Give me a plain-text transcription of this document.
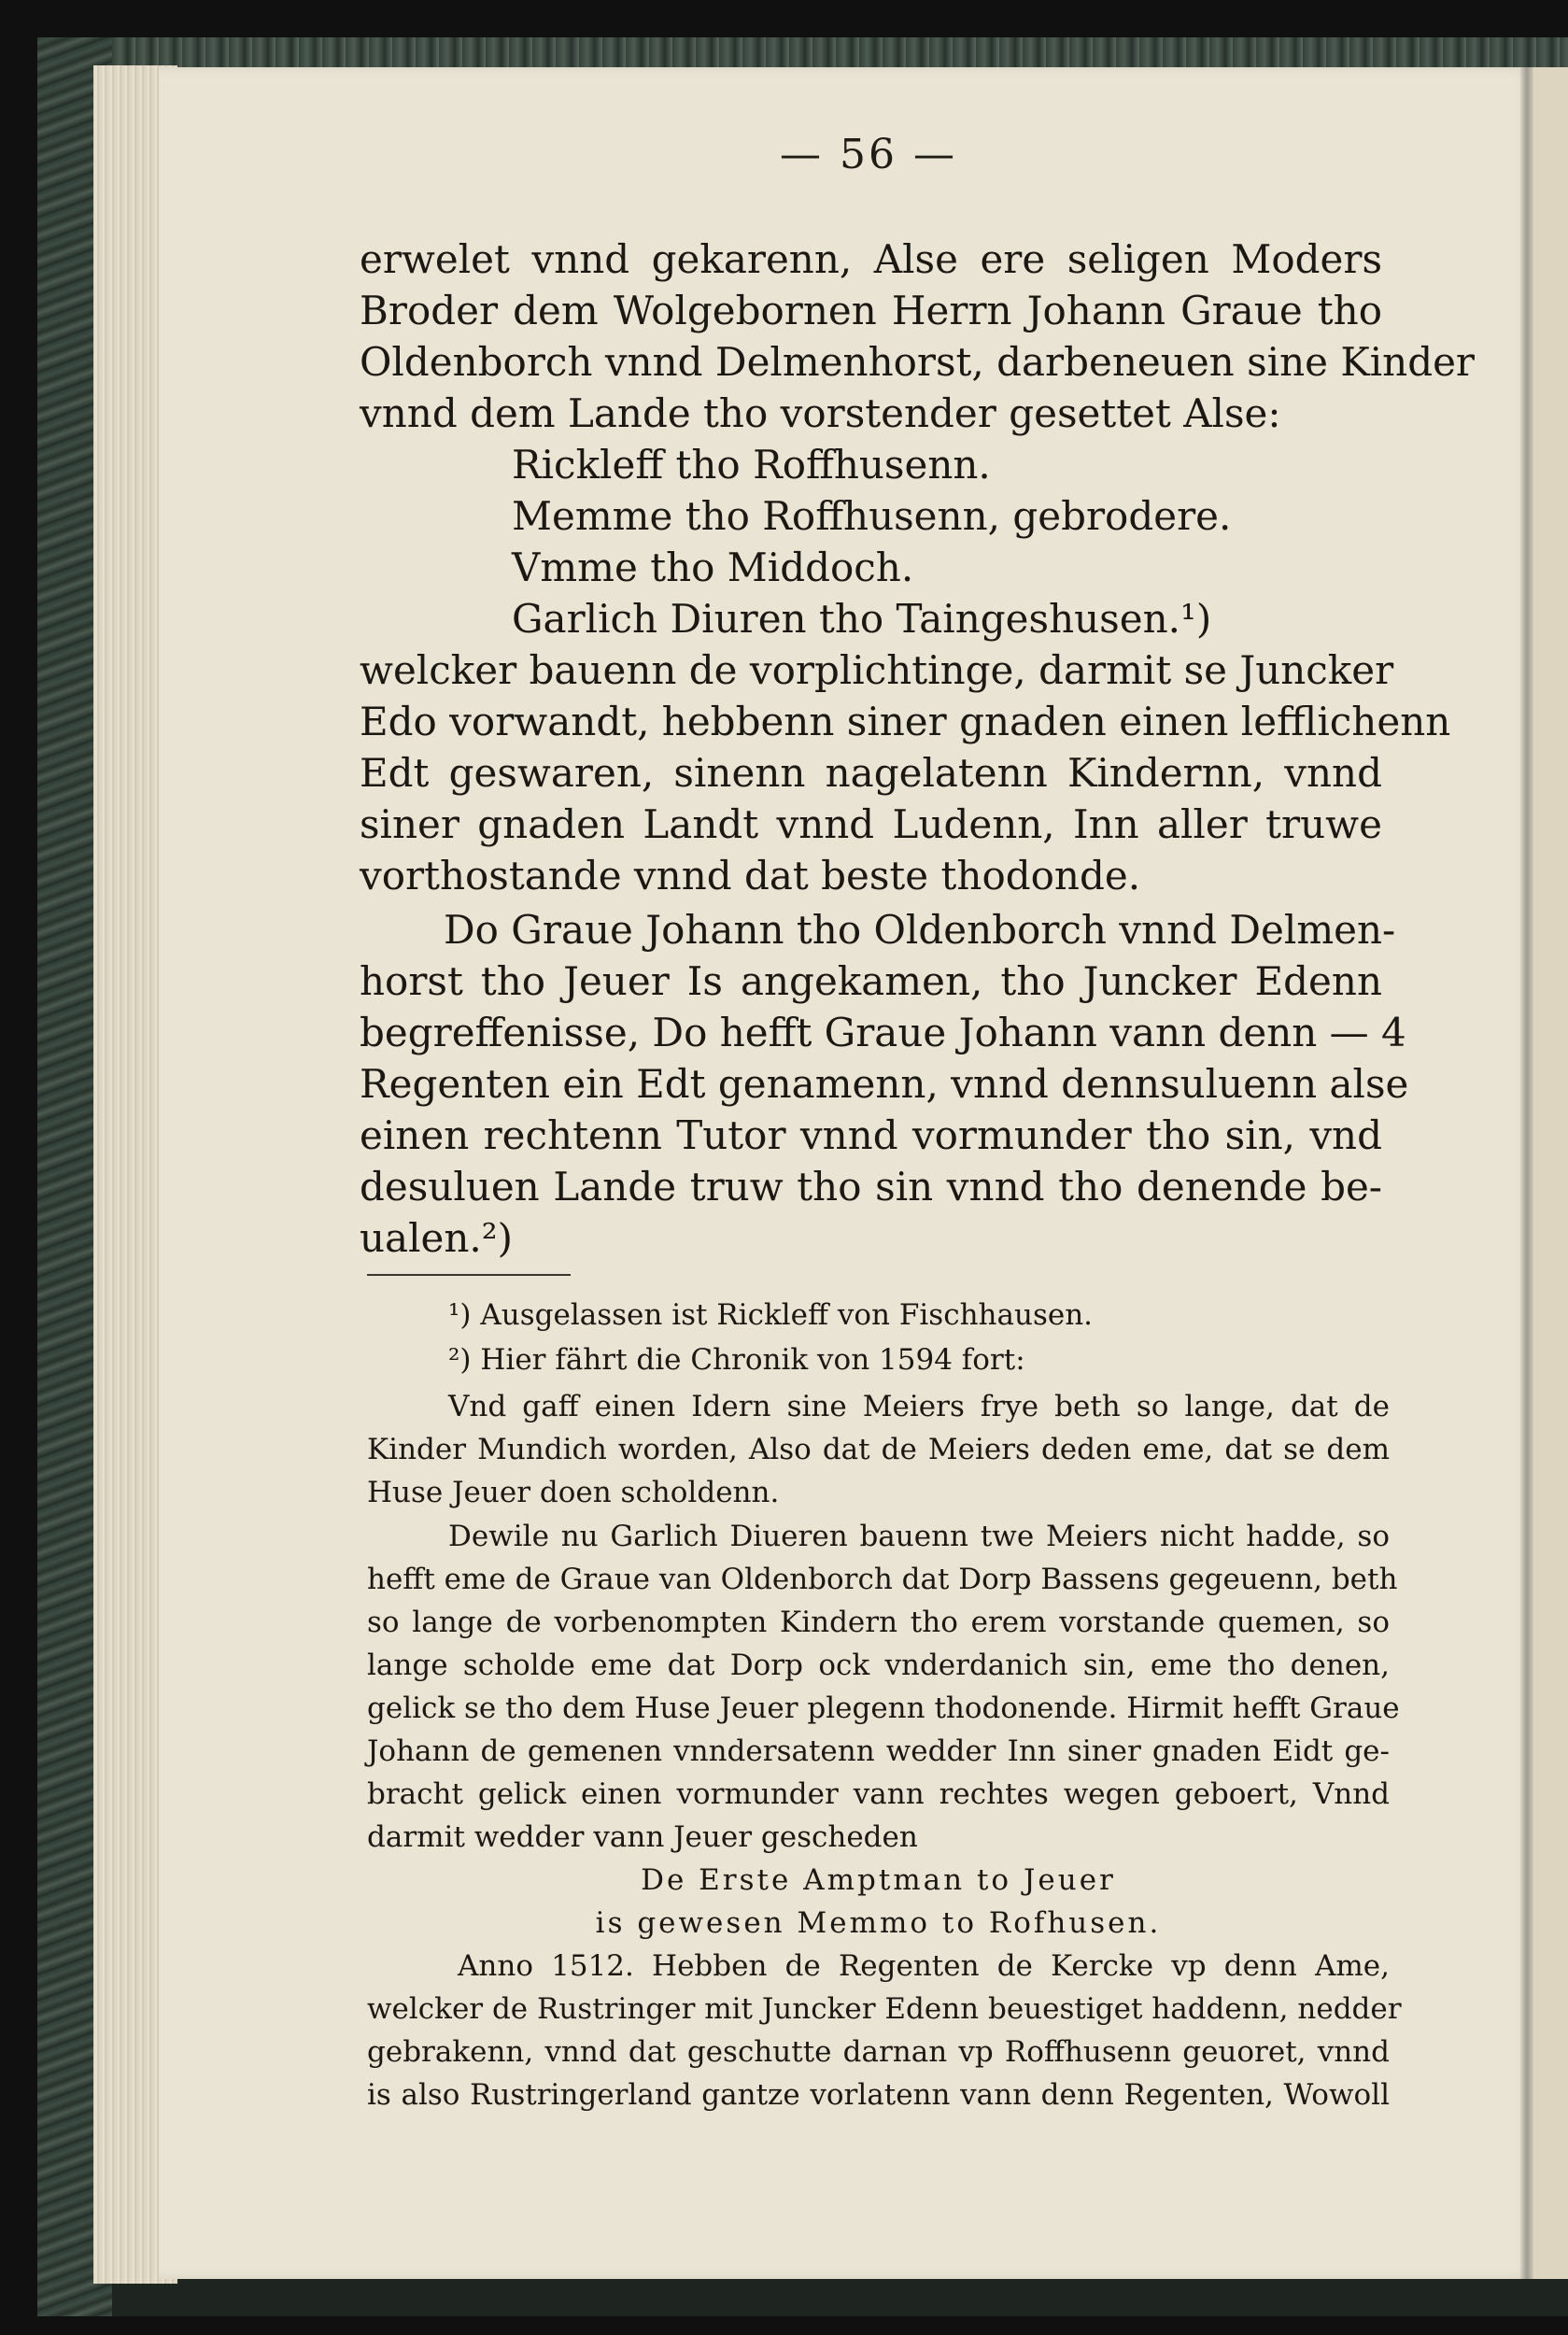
— 56 —

erwelet vnnd gekarenn, Alse ere seligen Moders

Broder dem Wolgebornen Herrn Johann Graue tho

Oldenborch vnnd Delmenhorst, darbeneuen sine Kinder

vnnd dem Lande tho vorstender gesettet Alse:

Rickleff tho Roffhusenn.

Memme tho Roffhusenn, gebrodere.

Vmme tho Middoch.

Garlich Diuren tho Taingeshusen.¹)

welcker bauenn de vorplichtinge, darmit se Juncker

Edo vorwandt, hebbenn siner gnaden einen lefflichenn

Edt geswaren, sinenn nagelatenn Kindernn, vnnd

siner gnaden Landt vnnd Ludenn, Inn aller truwe

vorthostande vnnd dat beste thodonde.

Do Graue Johann tho Oldenborch vnnd Delmen-

horst tho Jeuer Is angekamen, tho Juncker Edenn

begreffenisse, Do hefft Graue Johann vann denn — 4

Regenten ein Edt genamenn, vnnd dennsuluenn alse

einen rechtenn Tutor vnnd vormunder tho sin, vnd

desuluen Lande truw tho sin vnnd tho denende be-

ualen.²)

¹) Ausgelassen ist Rickleff von Fischhausen.

²) Hier fährt die Chronik von 1594 fort:

Vnd gaff einen Idern sine Meiers frye beth so lange, dat de

Kinder Mundich worden, Also dat de Meiers deden eme, dat se dem

Huse Jeuer doen scholdenn.

Dewile nu Garlich Diueren bauenn twe Meiers nicht hadde, so

hefft eme de Graue van Oldenborch dat Dorp Bassens gegeuenn, beth

so lange de vorbenompten Kindern tho erem vorstande quemen, so

lange scholde eme dat Dorp ock vnderdanich sin, eme tho denen,

gelick se tho dem Huse Jeuer plegenn thodonende. Hirmit hefft Graue

Johann de gemenen vnndersatenn wedder Inn siner gnaden Eidt ge-

bracht gelick einen vormunder vann rechtes wegen geboert, Vnnd

darmit wedder vann Jeuer gescheden

De Erste Amptman to Jeuer

is gewesen Memmo to Rofhusen.

Anno 1512. Hebben de Regenten de Kercke vp denn Ame,

welcker de Rustringer mit Juncker Edenn beuestiget haddenn, nedder

gebrakenn, vnnd dat geschutte darnan vp Roffhusenn geuoret, vnnd

is also Rustringerland gantze vorlatenn vann denn Regenten, Wowoll
